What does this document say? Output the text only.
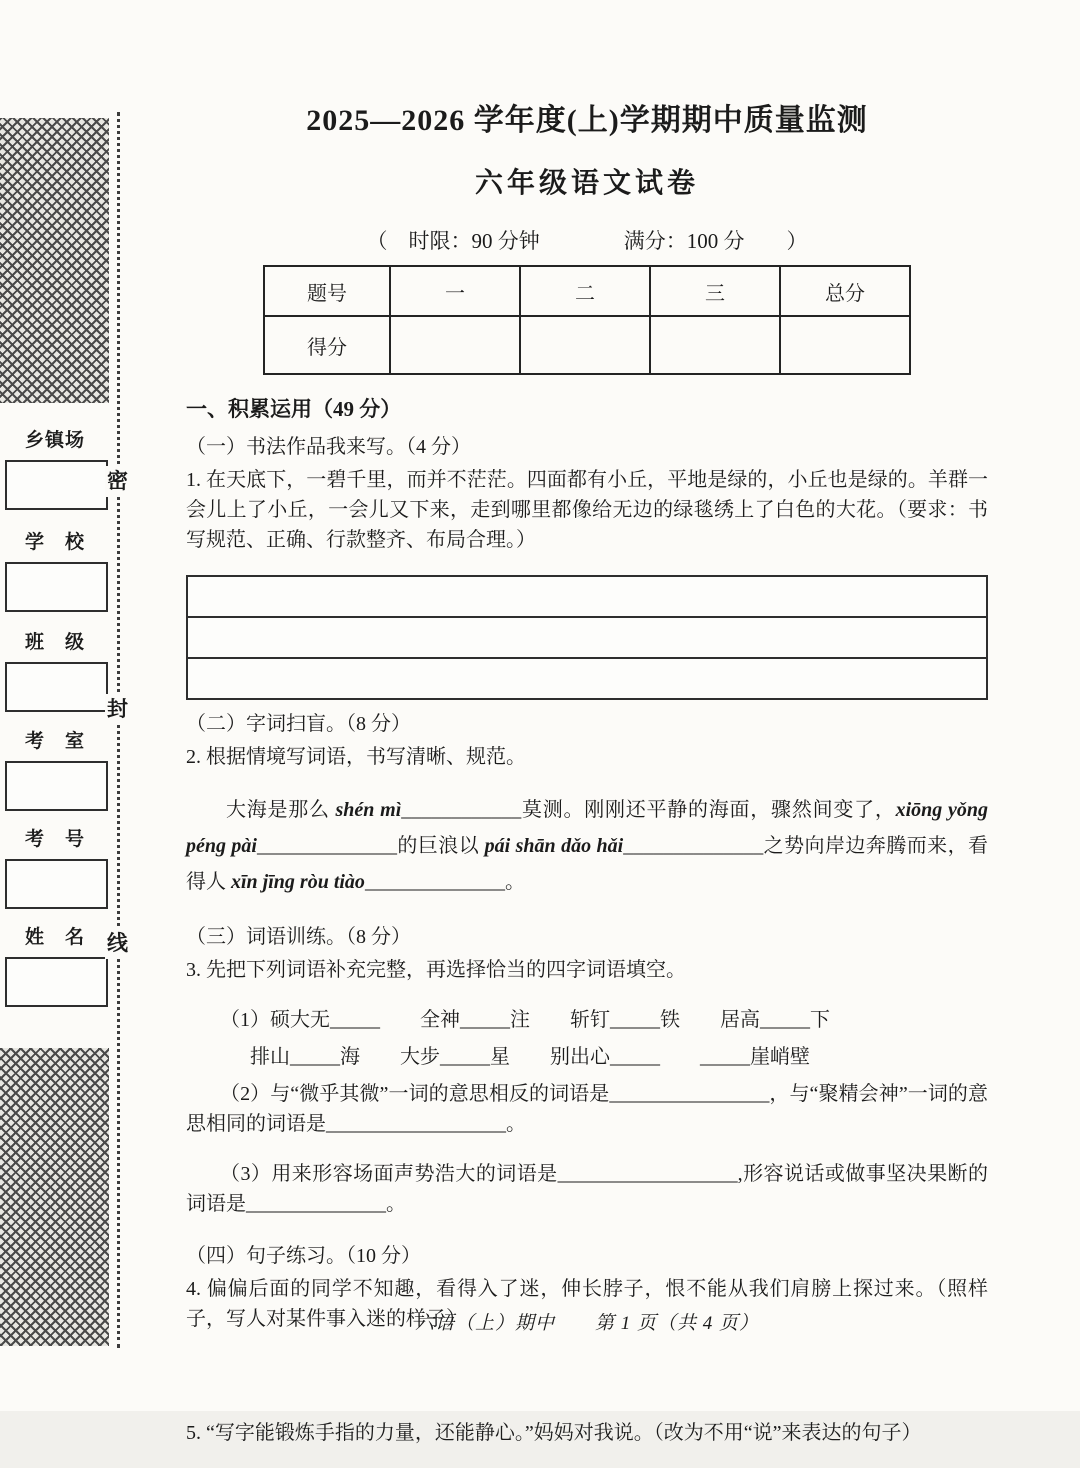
乡镇场
学　校
班　级
考　室
考　号
姓　名
密
封
线
2025—2026 学年度(上)学期期中质量监测
六年级语文试卷
（　时限：90 分钟　　　　满分：100 分　　）
题号	一	二	三	总分
得分				
一、积累运用（49 分）
（一）书法作品我来写。（4 分）

1. 在天底下，一碧千里，而并不茫茫。四面都有小丘，平地是绿的，小丘也是绿的。羊群一会儿上了小丘，一会儿又下来，走到哪里都像给无边的绿毯绣上了白色的大花。（要求：书写规范、正确、行款整齐、布局合理。）

（二）字词扫盲。（8 分）

2. 根据情境写词语，书写清晰、规范。

大海是那么 shén mì____________莫测。刚刚还平静的海面，骤然间变了，xiōng yǒng péng pài______________的巨浪以 pái shān dǎo hǎi______________之势向岸边奔腾而来，看得人 xīn jīng ròu tiào______________。

（三）词语训练。（8 分）

3. 先把下列词语补充完整，再选择恰当的四字词语填空。

（1）硕大无_____　　全神_____注　　斩钉_____铁　　居高_____下
排山_____海　　大步_____星　　别出心_____　　_____崖峭壁

（2）与“微乎其微”一词的意思相反的词语是________________，与“聚精会神”一词的意思相同的词语是__________________。

（3）用来形容场面声势浩大的词语是__________________,形容说话或做事坚决果断的词语是______________。

（四）句子练习。（10 分）

4. 偏偏后面的同学不知趣，看得入了迷，伸长脖子，恨不能从我们肩膀上探过来。（照样子，写人对某件事入迷的样子）

5. “写字能锻炼手指的力量，还能静心。”妈妈对我说。（改为不用“说”来表达的句子）

六语（上）期中　　第 1 页（共 4 页）
